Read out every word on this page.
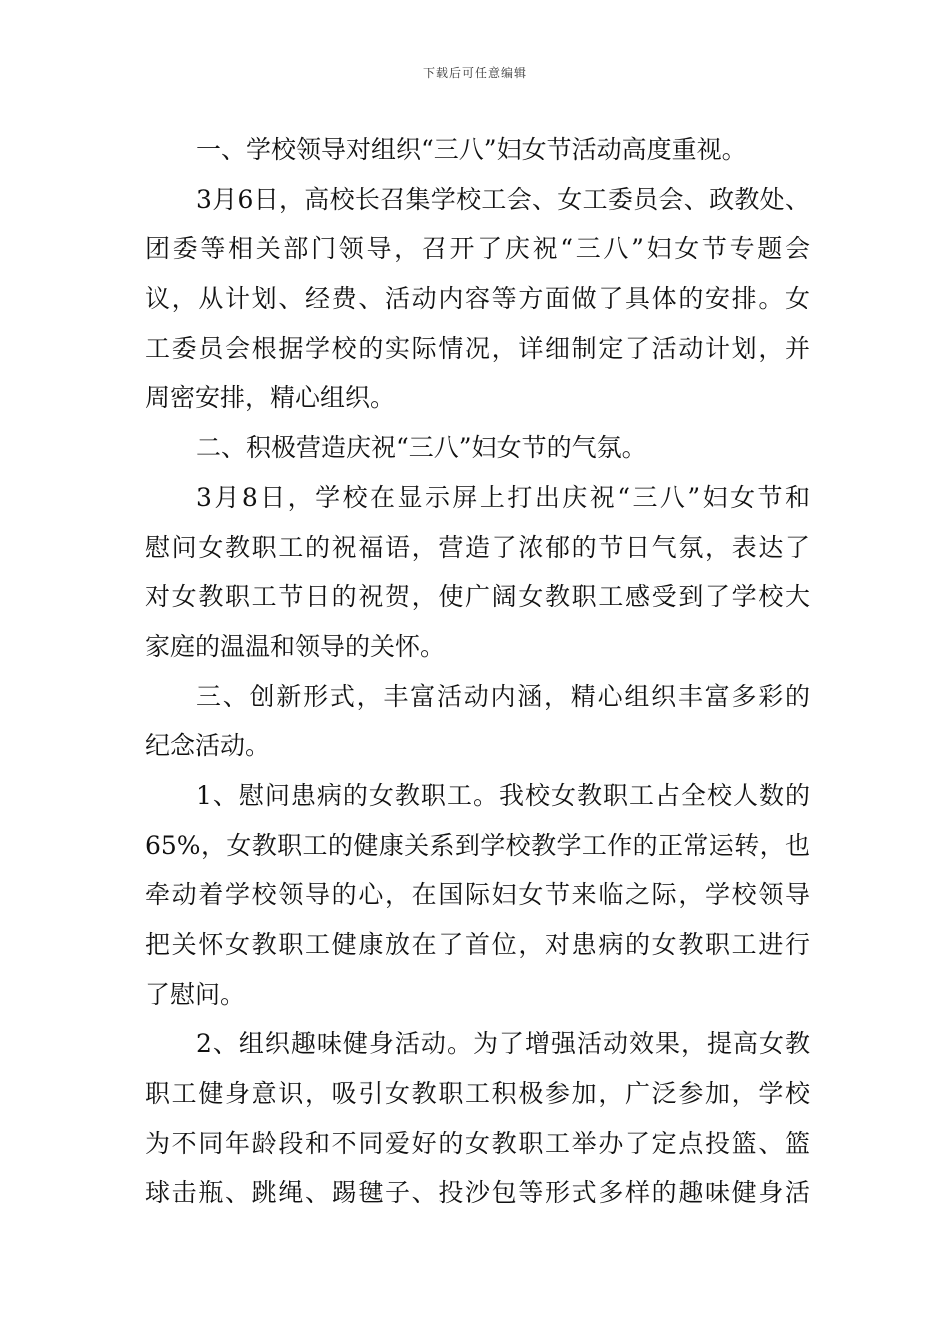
下载后可任意编辑
一、学校领导对组织“三八”妇女节活动高度重视。
3月6日，高校长召集学校工会、女工委员会、政教处、
团委等相关部门领导，召开了庆祝“三八”妇女节专题会
议，从计划、经费、活动内容等方面做了具体的安排。女
工委员会根据学校的实际情况，详细制定了活动计划，并
周密安排，精心组织。
二、积极营造庆祝“三八”妇女节的气氛。
3月8日，学校在显示屏上打出庆祝“三八”妇女节和
慰问女教职工的祝福语，营造了浓郁的节日气氛，表达了
对女教职工节日的祝贺，使广阔女教职工感受到了学校大
家庭的温温和领导的关怀。
三、创新形式，丰富活动内涵，精心组织丰富多彩的
纪念活动。
1、慰问患病的女教职工。我校女教职工占全校人数的
65%，女教职工的健康关系到学校教学工作的正常运转，也
牵动着学校领导的心，在国际妇女节来临之际，学校领导
把关怀女教职工健康放在了首位，对患病的女教职工进行
了慰问。
2、组织趣味健身活动。为了增强活动效果，提高女教
职工健身意识，吸引女教职工积极参加，广泛参加，学校
为不同年龄段和不同爱好的女教职工举办了定点投篮、篮
球击瓶、跳绳、踢毽子、投沙包等形式多样的趣味健身活
